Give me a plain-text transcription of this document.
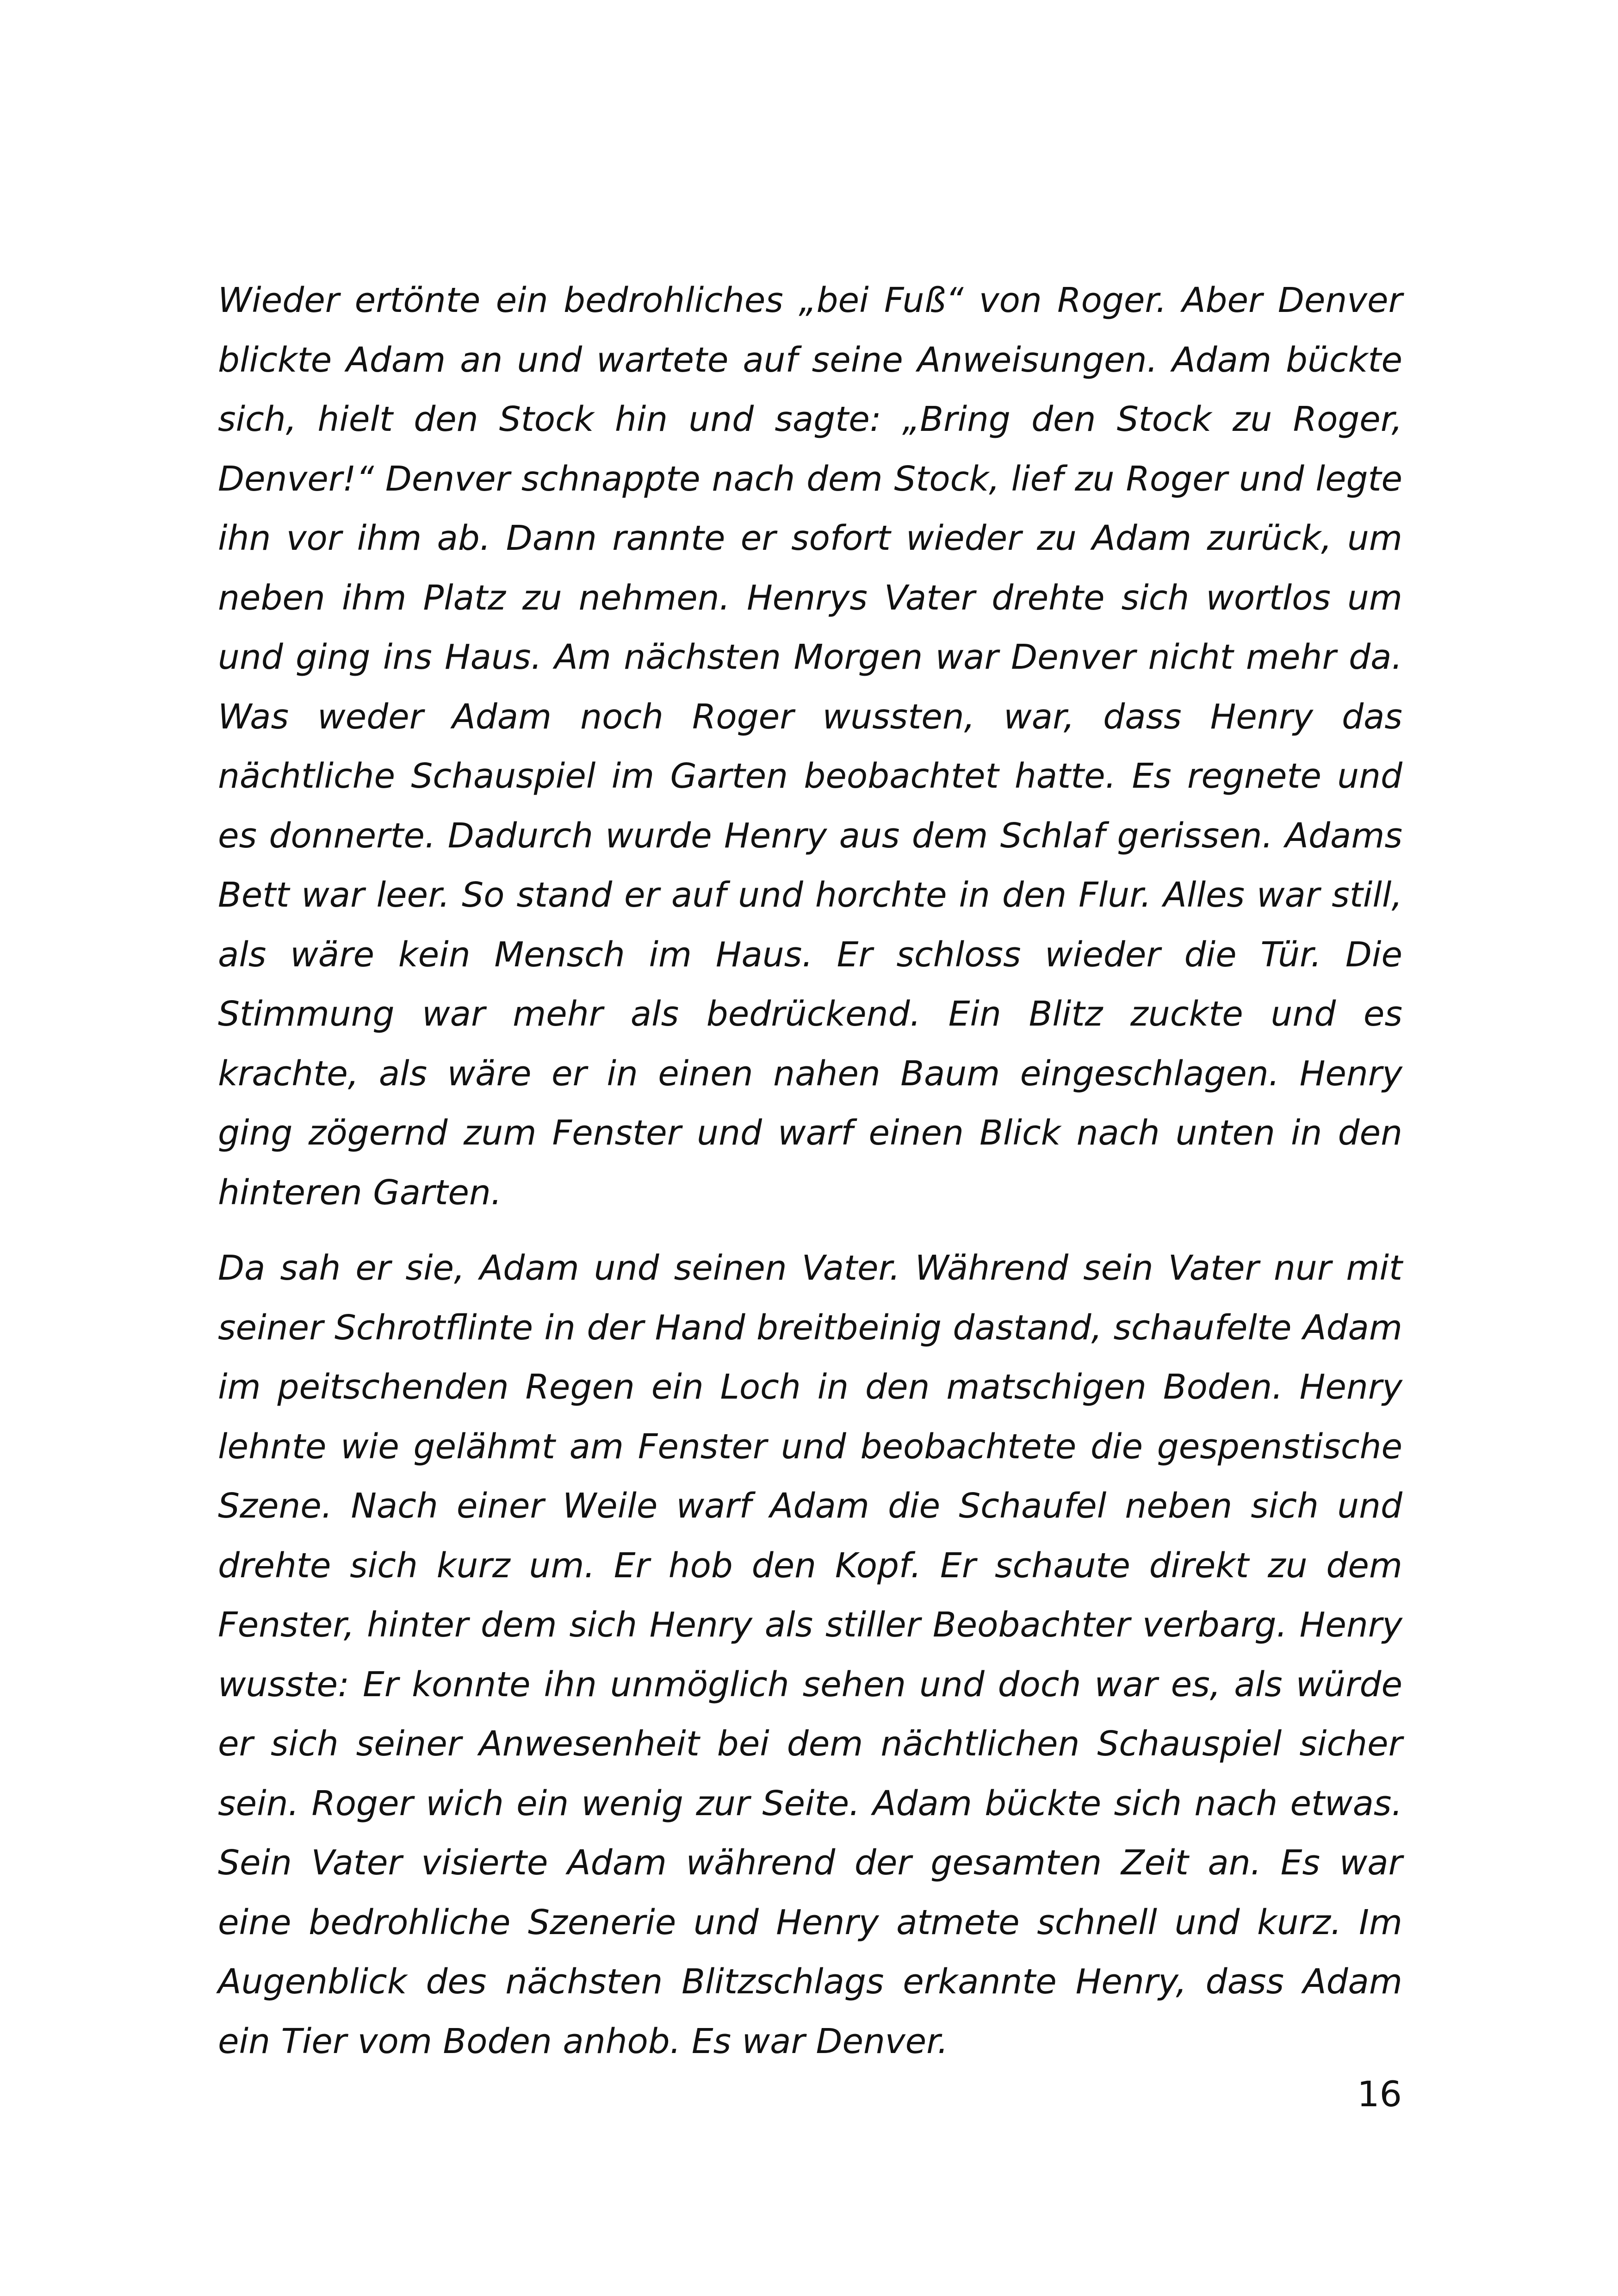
Wieder ertönte ein bedrohliches „bei Fuß“ von Roger. Aber Denver blickte Adam an und wartete auf seine Anweisungen. Adam bückte sich, hielt den Stock hin und sagte: „Bring den Stock zu Roger, Denver!“ Denver schnappte nach dem Stock, lief zu Roger und legte ihn vor ihm ab. Dann rannte er sofort wieder zu Adam zurück, um neben ihm Platz zu nehmen. Henrys Vater drehte sich wortlos um und ging ins Haus. Am nächsten Morgen war Denver nicht mehr da. Was weder Adam noch Roger wussten, war, dass Henry das nächtliche Schauspiel im Garten beobachtet hatte. Es regnete und es donnerte. Dadurch wurde Henry aus dem Schlaf gerissen. Adams Bett war leer. So stand er auf und horchte in den Flur. Alles war still, als wäre kein Mensch im Haus. Er schloss wieder die Tür. Die Stimmung war mehr als bedrückend. Ein Blitz zuckte und es krachte, als wäre er in einen nahen Baum eingeschlagen. Henry ging zögernd zum Fenster und warf einen Blick nach unten in den hinteren Garten.

Da sah er sie, Adam und seinen Vater. Während sein Vater nur mit seiner Schrotflinte in der Hand breitbeinig dastand, schaufelte Adam im peitschenden Regen ein Loch in den matschigen Boden. Henry lehnte wie gelähmt am Fenster und beobachtete die gespenstische Szene. Nach einer Weile warf Adam die Schaufel neben sich und drehte sich kurz um. Er hob den Kopf. Er schaute direkt zu dem Fenster, hinter dem sich Henry als stiller Beobachter verbarg. Henry wusste: Er konnte ihn unmöglich sehen und doch war es, als würde er sich seiner Anwesenheit bei dem nächtlichen Schauspiel sicher sein. Roger wich ein wenig zur Seite. Adam bückte sich nach etwas. Sein Vater visierte Adam während der gesamten Zeit an. Es war eine bedrohliche Szenerie und Henry atmete schnell und kurz. Im Augenblick des nächsten Blitzschlags erkannte Henry, dass Adam ein Tier vom Boden anhob. Es war Denver.

16
